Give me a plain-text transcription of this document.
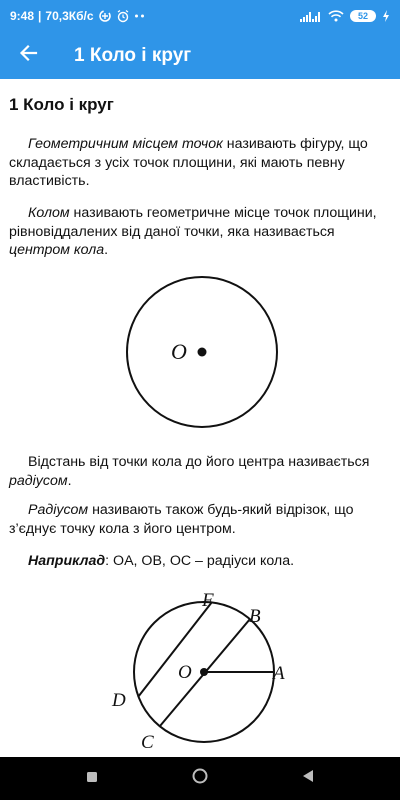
9:48 | 70,3Кб/с	52
1 Коло і круг
1 Коло і круг

Геометричним місцем точок називають фігуру, що складається з усіх точок площини, які мають певну властивість.

Колом називають геометричне місце точок площини, рівновіддалених від даної точки, яка називається центром кола.

O

Відстань від точки кола до його центра називається радіусом.

Радіусом називають також будь-який відрізок, що з’єднує точку кола з його центром.

Наприклад: OA, OB, OC – радіуси кола.

F
B
O	A
D
C
